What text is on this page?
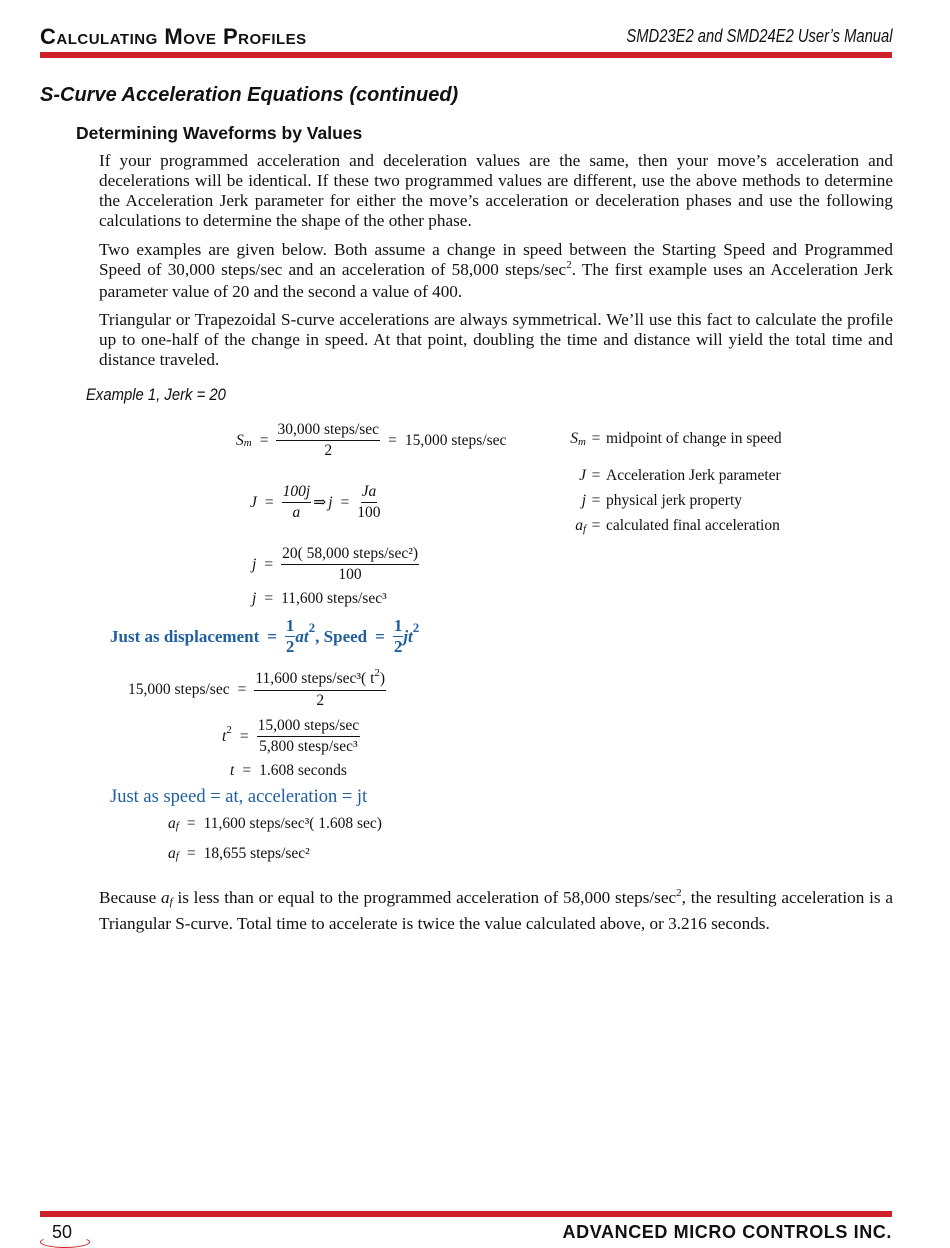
Calculating Move Profiles	SMD23E2 and SMD24E2 User’s Manual
S-Curve Acceleration Equations (continued)
Determining Waveforms by Values
If your programmed acceleration and deceleration values are the same, then your move’s acceleration and decelerations will be identical. If these two programmed values are different, use the above methods to determine the Acceleration Jerk parameter for either the move’s acceleration or deceleration phases and use the following calculations to determine the shape of the other phase.
Two examples are given below. Both assume a change in speed between the Starting Speed and Programmed Speed of 30,000 steps/sec and an acceleration of 58,000 steps/$\sec^2$. The first example uses an Acceleration Jerk parameter value of 20 and the second a value of 400.
Triangular or Trapezoidal S-curve accelerations are always symmetrical. We’ll use this fact to calculate the profile up to one-half of the change in speed. At that point, doubling the time and distance will yield the total time and distance traveled.
Example 1, Jerk = 20
$S_m = \frac{\text{30,000 steps/sec}}{2} = 15,000$ steps/sec
$J = \frac{100j}{a}$ ⇒ $j = \frac{Ja}{100}$
$j = \frac{\text{20( 58,000 steps/sec²)}}{100}$
j = 11,600 steps/sec³
Just as displacement = $\frac{1}{2} at^2$ , Speed = $\frac{1}{2} jt^2$
15,000 steps/sec = $\frac{11,600 steps/\sec^3( t^2)}{2}$
$t^2 = \frac{\text{15,000 steps/sec}}{\text{5,800 stesp/sec³}}$
t = 1.608 seconds
Just as speed = at, acceleration = jt
$a_f = 11,600$ steps/sec³( 1.608 sec)
$a_f = 18,655$ steps/sec²
$S_m$ = midpoint of change in speed
J = Acceleration Jerk parameter
j = physical jerk property
$a_f$ = calculated final acceleration
Because $a_f$ is less than or equal to the programmed acceleration of 58,000 steps/$\sec^2$, the resulting acceleration is a Triangular S-curve. Total time to accelerate is twice the value calculated above, or 3.216 seconds.
50	ADVANCED MICRO CONTROLS INC.
